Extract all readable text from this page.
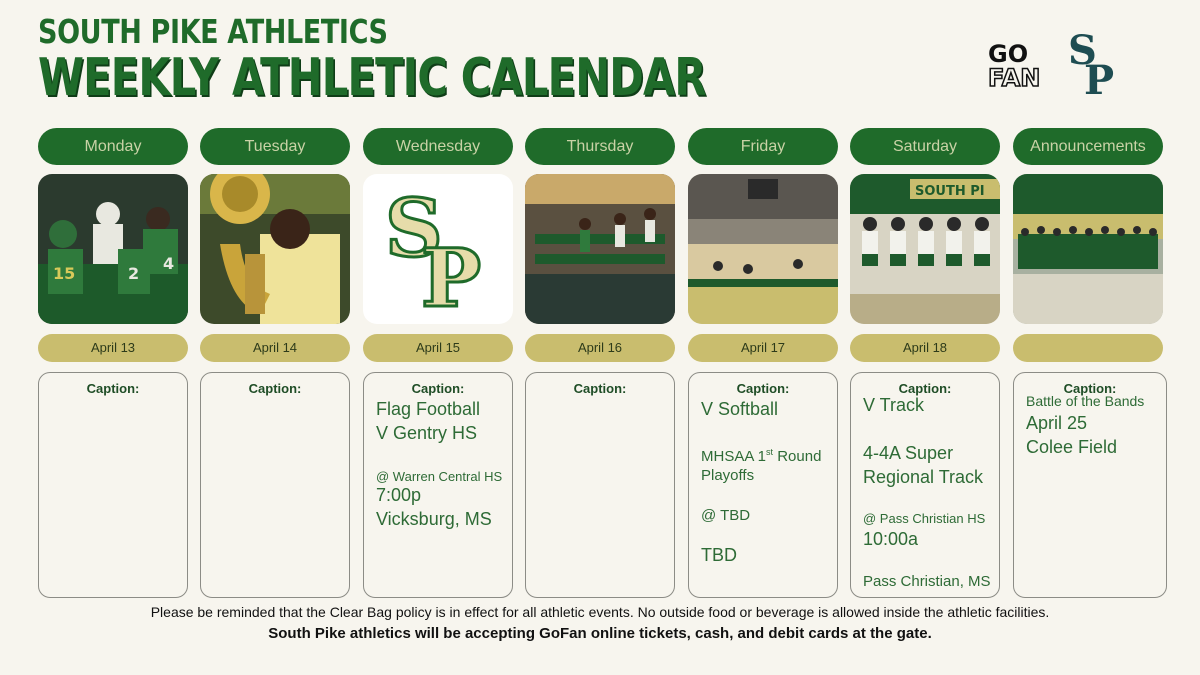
SOUTH PIKE ATHLETICS
WEEKLY ATHLETIC CALENDAR	GO
FAN
S
P
Monday
15	2
4
April 13
Caption:
Tuesday
April 14
Caption:
Wednesday
S
P
April 15
Caption:
Flag Football
V Gentry HS
@ Warren Central HS
7:00p
Vicksburg, MS
Thursday
April 16
Caption:
Friday
April 17
Caption:
V Softball
MHSAA 1st Round
Playoffs
@ TBD
TBD
Saturday
SOUTH PI
April 18
Caption:
V Track
4-4A Super
Regional Track
@ Pass Christian HS
10:00a
Pass Christian, MS
Announcements
Caption:
Battle of the Bands
April 25
Colee Field
Please be reminded that the Clear Bag policy is in effect for all athletic events. No outside food or beverage is allowed inside the athletic facilities.
South Pike athletics will be accepting GoFan online tickets, cash, and debit cards at the gate.
